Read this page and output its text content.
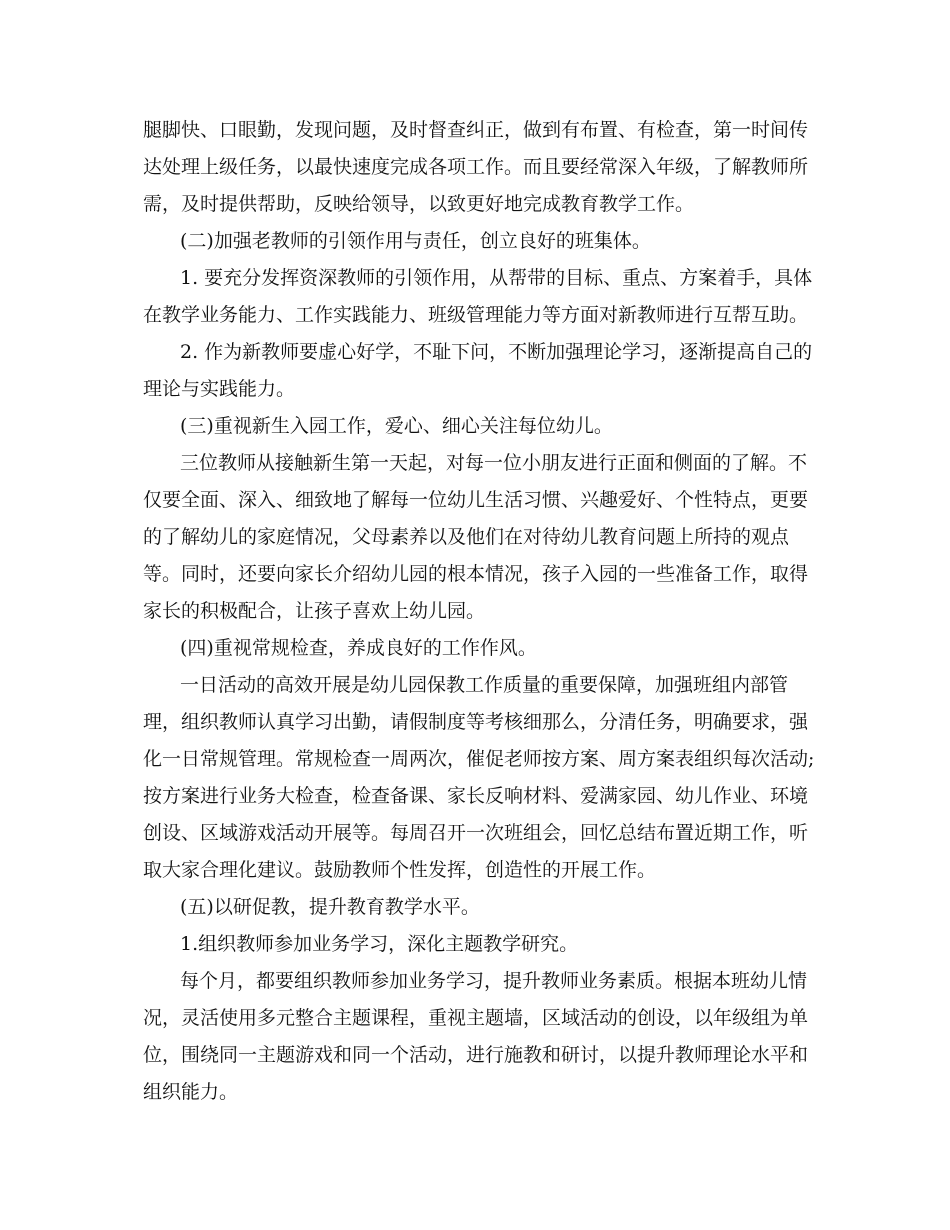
腿脚快、口眼勤，发现问题，及时督查纠正，做到有布置、有检查，第一时间传
达处理上级任务，以最快速度完成各项工作。而且要经常深入年级，了解教师所
需，及时提供帮助，反映给领导，以致更好地完成教育教学工作。
(二)加强老教师的引领作用与责任，创立良好的班集体。
1. 要充分发挥资深教师的引领作用，从帮带的目标、重点、方案着手，具体
在教学业务能力、工作实践能力、班级管理能力等方面对新教师进行互帮互助。
2. 作为新教师要虚心好学，不耻下问，不断加强理论学习，逐渐提高自己的
理论与实践能力。
(三)重视新生入园工作，爱心、细心关注每位幼儿。
三位教师从接触新生第一天起，对每一位小朋友进行正面和侧面的了解。不
仅要全面、深入、细致地了解每一位幼儿生活习惯、兴趣爱好、个性特点，更要
的了解幼儿的家庭情况，父母素养以及他们在对待幼儿教育问题上所持的观点
等。同时，还要向家长介绍幼儿园的根本情况，孩子入园的一些准备工作，取得
家长的积极配合，让孩子喜欢上幼儿园。
(四)重视常规检查，养成良好的工作作风。
一日活动的高效开展是幼儿园保教工作质量的重要保障，加强班组内部管
理，组织教师认真学习出勤，请假制度等考核细那么，分清任务，明确要求，强
化一日常规管理。常规检查一周两次，催促老师按方案、周方案表组织每次活动;
按方案进行业务大检查，检查备课、家长反响材料、爱满家园、幼儿作业、环境
创设、区域游戏活动开展等。每周召开一次班组会，回忆总结布置近期工作，听
取大家合理化建议。鼓励教师个性发挥，创造性的开展工作。
(五)以研促教，提升教育教学水平。
1.组织教师参加业务学习，深化主题教学研究。
每个月，都要组织教师参加业务学习，提升教师业务素质。根据本班幼儿情
况，灵活使用多元整合主题课程，重视主题墙，区域活动的创设，以年级组为单
位，围绕同一主题游戏和同一个活动，进行施教和研讨，以提升教师理论水平和
组织能力。
